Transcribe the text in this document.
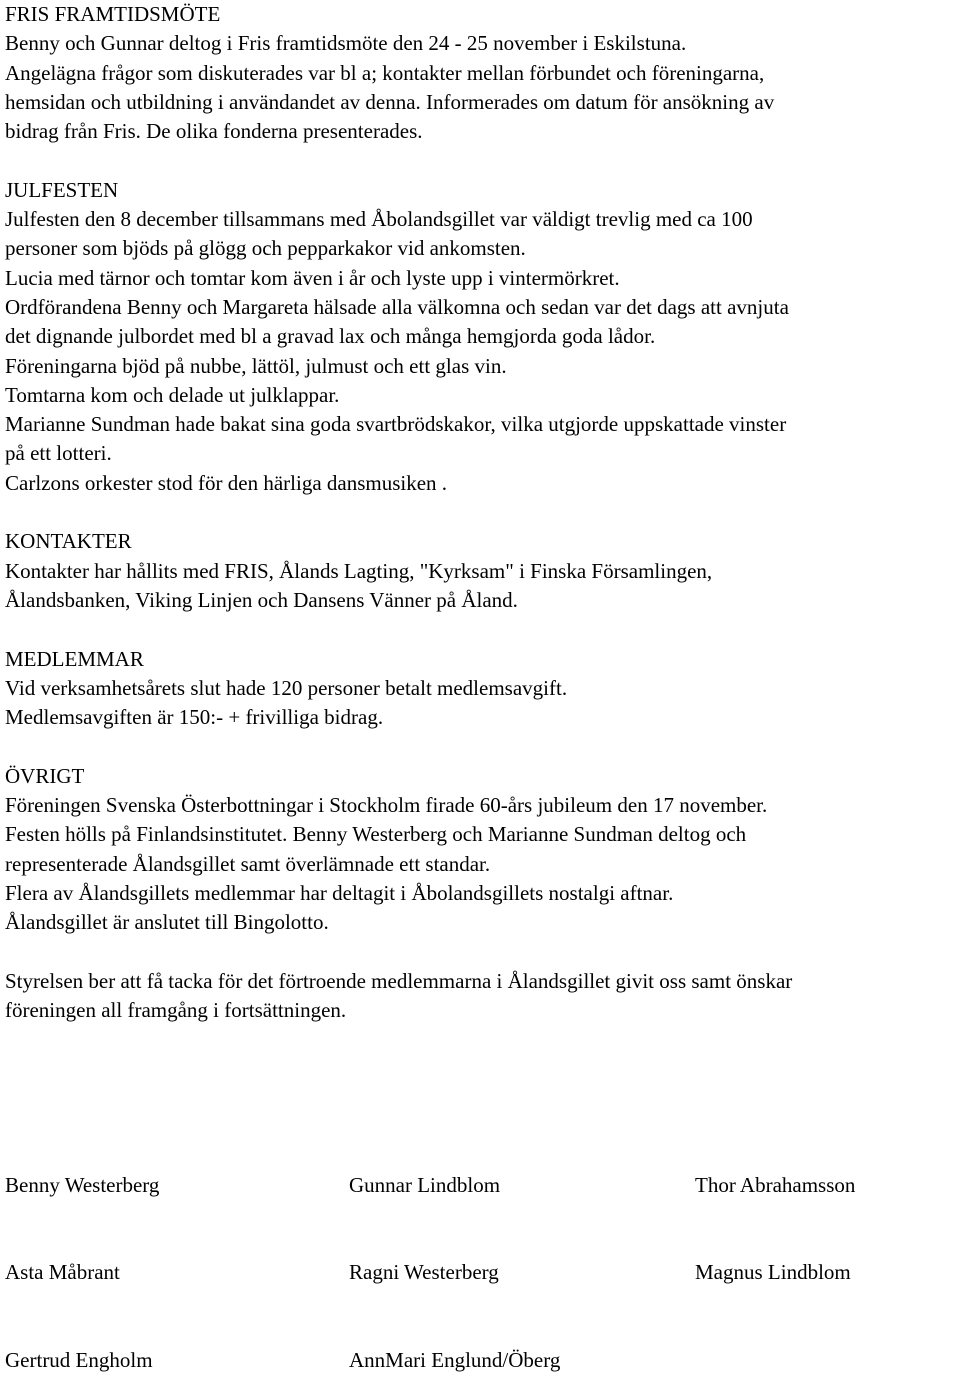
FRIS FRAMTIDSMÖTE
Benny och Gunnar deltog i Fris framtidsmöte den 24 - 25 november i Eskilstuna.
Angelägna frågor som diskuterades var bl a; kontakter mellan förbundet och föreningarna,
hemsidan och utbildning i användandet av denna. Informerades om datum för ansökning av
bidrag från Fris. De olika fonderna presenterades.
JULFESTEN
Julfesten den 8 december tillsammans med Åbolandsgillet var väldigt trevlig med ca 100
personer som bjöds på glögg och pepparkakor vid ankomsten.
Lucia med tärnor och tomtar kom även i år och lyste upp i vintermörkret.
Ordförandena Benny och Margareta hälsade alla välkomna och sedan var det dags att avnjuta
det dignande julbordet med bl a gravad lax och många hemgjorda goda lådor.
Föreningarna bjöd på nubbe, lättöl, julmust och ett glas vin.
Tomtarna kom och delade ut julklappar.
Marianne Sundman hade bakat sina goda svartbrödskakor, vilka utgjorde uppskattade vinster
på ett lotteri.
Carlzons orkester stod för den härliga dansmusiken .
KONTAKTER
Kontakter har hållits med FRIS, Ålands Lagting, "Kyrksam" i Finska Församlingen,
Ålandsbanken, Viking Linjen och Dansens Vänner på Åland.
MEDLEMMAR
Vid verksamhetsårets slut hade 120 personer betalt medlemsavgift.
Medlemsavgiften är 150:- + frivilliga bidrag.
ÖVRIGT
Föreningen Svenska Österbottningar i Stockholm firade 60-års jubileum den 17 november.
Festen hölls på Finlandsinstitutet. Benny Westerberg och Marianne Sundman deltog och
representerade Ålandsgillet samt överlämnade ett standar.
Flera av Ålandsgillets medlemmar har deltagit i Åbolandsgillets nostalgi aftnar.
Ålandsgillet är anslutet till Bingolotto.
Styrelsen ber att få tacka för det förtroende medlemmarna i Ålandsgillet givit oss samt önskar
föreningen all framgång i fortsättningen.
Benny Westerberg	Gunnar Lindblom	Thor Abrahamsson
Asta Måbrant	Ragni Westerberg	Magnus Lindblom
Gertrud Engholm	AnnMari Englund/Öberg
